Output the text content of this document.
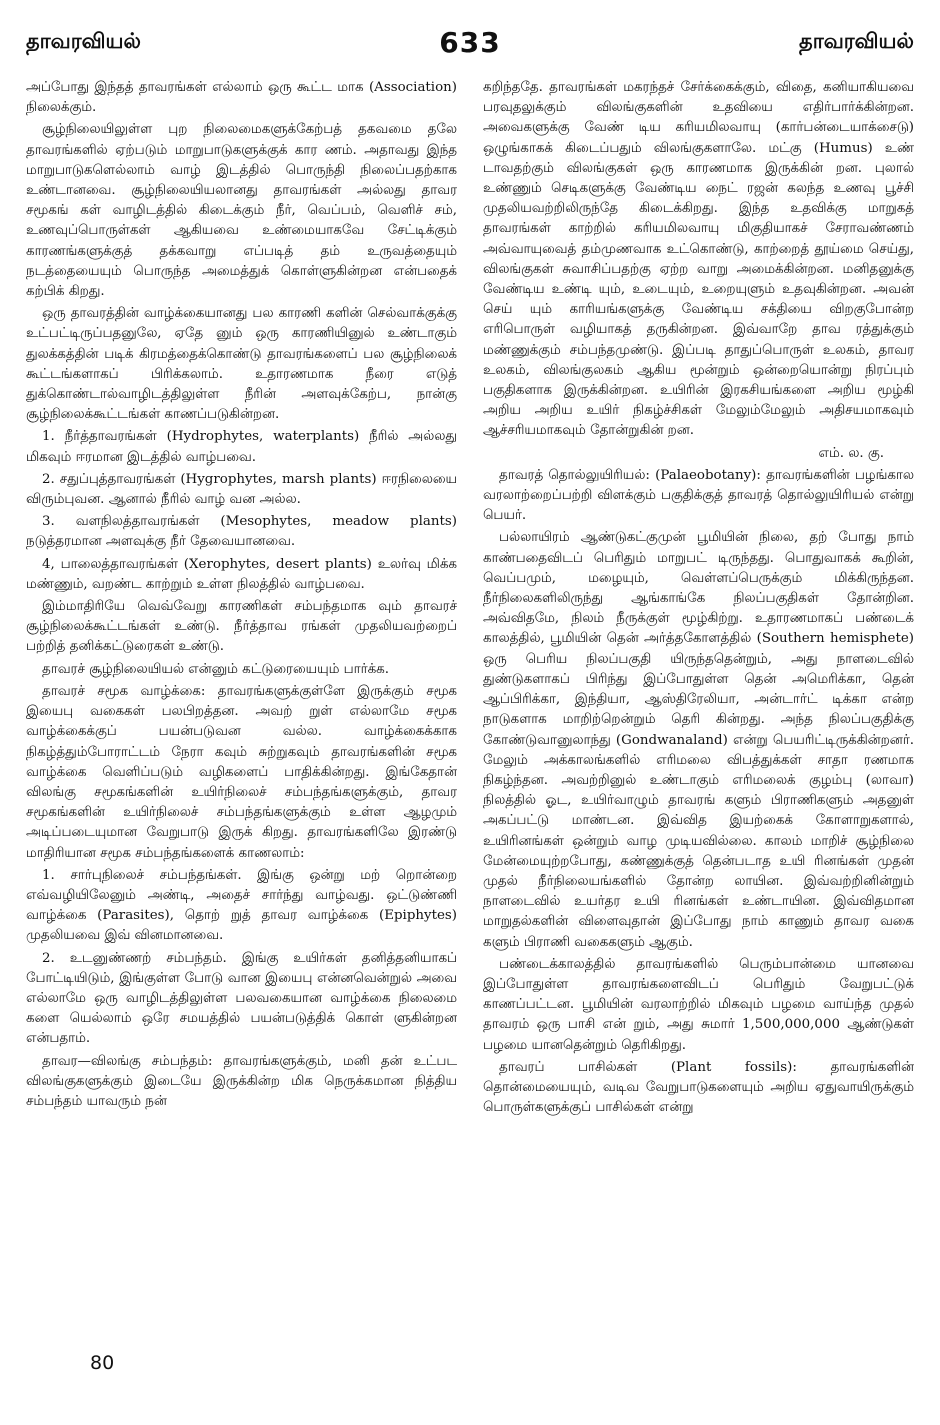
தாவரவியல்	633	தாவரவியல்

அப்போது இந்தத் தாவரங்கள் எல்லாம் ஒரு கூட்ட மாக (Association) நிலைக்கும்.

சூழ்நிலையிலுள்ள புற நிலைமைகளுக்கேற்பத் தகவமை தலே தாவரங்களில் ஏற்படும் மாறுபாடுகளுக்குக் கார ணம். அதாவது இந்த மாறுபாடுகளெல்லாம் வாழ் இடத்தில் பொருந்தி நிலைப்பதற்காக உண்டானவை. சூழ்நிலையியலானது தாவரங்கள் அல்லது தாவர சமூகங் கள் வாழிடத்தில் கிடைக்கும் நீர், வெப்பம், வெளிச் சம், உணவுப்பொருள்கள் ஆகியவை உண்மையாகவே சேட்டிக்கும் காரணங்களுக்குத் தக்கவாறு எப்படித் தம் உருவத்தையும் நடத்தையையும் பொருந்த அமைத்துக் கொள்ளுகின்றன என்பதைக் கற்பிக் கிறது.

ஒரு தாவரத்தின் வாழ்க்கையானது பல காரணி களின் செல்வாக்குக்கு உட்பட்டிருப்பதனுலே, ஏதே னும் ஒரு காரணியினுல் உண்டாகும் துலக்கத்தின் படிக் கிரமத்தைக்கொண்டு தாவரங்களைப் பல சூழ்நிலைக் கூட்டங்களாகப் பிரிக்கலாம். உதாரணமாக நீரை எடுத் துக்கொண்டால்வாழிடத்திலுள்ள நீரின் அளவுக்கேற்ப, நான்கு சூழ்நிலைக்கூட்டங்கள் காணப்படுகின்றன.

1. நீர்த்தாவரங்கள் (Hydrophytes, waterplants) நீரில் அல்லது மிகவும் ஈரமான இடத்தில் வாழ்பவை.

2. சதுப்புத்தாவரங்கள் (Hygrophytes, marsh plants) ஈரநிலையை விரும்புவன. ஆனால் நீரில் வாழ் வன அல்ல.

3. வளநிலத்தாவரங்கள் (Mesophytes, meadow plants) நடுத்தரமான அளவுக்கு நீர் தேவையானவை.

4, பாலைத்தாவரங்கள் (Xerophytes, desert plants) உலர்வு மிக்க மண்ணும், வறண்ட காற்றும் உள்ள நிலத்தில் வாழ்பவை.

இம்மாதிரியே வெவ்வேறு காரணிகள் சம்பந்தமாக வும் தாவரச் சூழ்நிலைக்கூட்டங்கள் உண்டு. நீர்த்தாவ ரங்கள் முதலியவற்றைப் பற்றித் தனிக்கட்டுரைகள் உண்டு.

தாவரச் சூழ்நிலையியல் என்னும் கட்டுரையையும் பார்க்க.

தாவரச் சமூக வாழ்க்கை: தாவரங்களுக்குள்ளே இருக்கும் சமூக இயைபு வகைகள் பலபிறத்தன. அவற் றுள் எல்லாமே சமூக வாழ்க்கைக்குப் பயன்படுவன வல்ல. வாழ்க்கைக்காக நிகழ்த்தும்போராட்டம் நேரா கவும் சுற்றுகவும் தாவரங்களின் சமூக வாழ்க்கை வெளிப்படும் வழிகளைப் பாதிக்கின்றது. இங்கேதான் விலங்கு சமூகங்களின் உயிர்நிலைச் சம்பந்தங்களுக்கும், தாவர சமூகங்களின் உயிர்நிலைச் சம்பந்தங்களுக்கும் உள்ள ஆழமும் அடிப்படையுமான வேறுபாடு இருக் கிறது. தாவரங்களிலே இரண்டு மாதிரியான சமூக சம்பந்தங்களைக் காணலாம்:

1. சார்புநிலைச் சம்பந்தங்கள். இங்கு ஒன்று மற் றொன்றை எவ்வழியிலேனும் அண்டி, அதைச் சார்ந்து வாழ்வது. ஒட்டுண்ணி வாழ்க்கை (Parasites), தொற் றுத் தாவர வாழ்க்கை (Epiphytes) முதலியவை இவ் வினமானவை.

2. உடனுண்ணற் சம்பந்தம். இங்கு உயிர்கள் தனித்தனியாகப் போட்டியிடும், இங்குள்ள போடு வான இயைபு என்னவென்றுல் அவை எல்லாமே ஒரு வாழிடத்திலுள்ள பலவகையான வாழ்க்கை நிலைமை களை யெல்லாம் ஒரே சமயத்தில் பயன்படுத்திக் கொள் ளுகின்றன என்பதாம்.

தாவர—விலங்கு சம்பந்தம்: தாவரங்களுக்கும், மனி தன் உட்பட விலங்குகளுக்கும் இடையே இருக்கின்ற மிக நெருக்கமான நித்திய சம்பந்தம் யாவரும் நன்

கறிந்ததே. தாவரங்கள் மகரந்தச் சேர்க்கைக்கும், விதை, கனியாகியவை பரவுதலுக்கும் விலங்குகளின் உதவியை எதிர்பார்க்கின்றன. அவைகளுக்கு வேண் டிய கரியமிலவாயு (கார்பன்டையாக்சைடு) ஒழுங்காகக் கிடைப்பதும் விலங்குகளாலே. மட்கு (Humus) உண் டாவதற்கும் விலங்குகள் ஒரு காரணமாக இருக்கின் றன. புலால் உண்ணும் செடிகளுக்கு வேண்டிய நைட் ரஜன் கலந்த உணவு பூச்சி முதலியவற்றிலிருந்தே கிடைக்கிறது. இந்த உதவிக்கு மாறுகத் தாவரங்கள் காற்றில் கரியமிலவாயு மிகுதியாகச் சேராவண்ணம் அவ்வாயுவைத் தம்முணவாக உட்கொண்டு, காற்றைத் தூய்மை செய்து, விலங்குகள் சுவாசிப்பதற்கு ஏற்ற வாறு அமைக்கின்றன. மனிதனுக்கு வேண்டிய உண்டி யும், உடையும், உறையுளும் உதவுகின்றன. அவன் செய் யும் காரியங்களுக்கு வேண்டிய சக்தியை விறகுபோன்ற எரிபொருள் வழியாகத் தருகின்றன. இவ்வாறே தாவ ரத்துக்கும் மண்ணுக்கும் சம்பந்தமுண்டு. இப்படி தாதுப்பொருள் உலகம், தாவர உலகம், விலங்குலகம் ஆகிய மூன்றும் ஒன்றையொன்று நிரப்பும் பகுதிகளாக இருக்கின்றன. உயிரின் இரகசியங்களை அறிய மூழ்கி அறிய அறிய உயிர் நிகழ்ச்சிகள் மேலும்மேலும் அதிசயமாகவும் ஆச்சரியமாகவும் தோன்றுகின் றன.

எம். ல. கு.

தாவரத் தொல்லுயிரியல்: (Palaeobotany): தாவரங்களின் பழங்கால வரலாற்றைப்பற்றி விளக்கும் பகுதிக்குத் தாவரத் தொல்லுயிரியல் என்று பெயர்.

பல்லாயிரம் ஆண்டுகட்குமுன் பூமியின் நிலை, தற் போது நாம் காண்பதைவிடப் பெரிதும் மாறுபட் டிருந்தது. பொதுவாகக் கூறின், வெப்பமும், மழையும், வெள்ளப்பெருக்கும் மிக்கிருந்தன. நீர்நிலைகளிலிருந்து ஆங்காங்கே நிலப்பகுதிகள் தோன்றின. அவ்விதமே, நிலம் நீருக்குள் மூழ்கிற்று. உதாரணமாகப் பண்டைக் காலத்தில், பூமியின் தென் அர்த்தகோளத்தில் (Southern hemisphete) ஒரு பெரிய நிலப்பகுதி யிருந்ததென்றும், அது நாளடைவில் துண்டுகளாகப் பிரிந்து இப்போதுள்ள தென் அமெரிக்கா, தென் ஆப்பிரிக்கா, இந்தியா, ஆஸ்திரேலியா, அன்டார்ட் டிக்கா என்ற நாடுகளாக மாறிற்றென்றும் தெரி கின்றது. அந்த நிலப்பகுதிக்கு கோண்டுவானுலாந்து (Gondwanaland) என்று பெயரிட்டிருக்கின்றனர். மேலும் அக்காலங்களில் எரிமலை விபத்துக்கள் சாதா ரணமாக நிகழ்ந்தன. அவற்றினுல் உண்டாகும் எரிமலைக் குழம்பு (லாவா) நிலத்தில் ஓட, உயிர்வாழும் தாவரங் களும் பிராணிகளும் அதனுள் அகப்பட்டு மாண்டன. இவ்வித இயற்கைக் கோளாறுகளால், உயிரினங்கள் ஒன்றும் வாழ முடியவில்லை. காலம் மாறிச் சூழ்நிலை மேன்மையுற்றபோது, கண்ணுக்குத் தென்படாத உயி ரினங்கள் முதன் முதல் நீர்நிலையங்களில் தோன்ற லாயின. இவ்வற்றினின்றும் நாளடைவில் உயர்தர உயி ரினங்கள் உண்டாயின. இவ்விதமான மாறுதல்களின் விளைவுதான் இப்போது நாம் காணும் தாவர வகை களும் பிராணி வகைகளும் ஆகும்.

பண்டைக்காலத்தில் தாவரங்களில் பெரும்பான்மை யானவை இப்போதுள்ள தாவரங்களைவிடப் பெரிதும் வேறுபட்டுக் காணப்பட்டன. பூமியின் வரலாற்றில் மிகவும் பழமை வாய்ந்த முதல் தாவரம் ஒரு பாசி என் றும், அது சுமார் 1,500,000,000 ஆண்டுகள் பழமை யானதென்றும் தெரிகிறது.

தாவரப் பாசில்கள் (Plant fossils): தாவரங்களின் தொன்மையையும், வடிவ வேறுபாடுகளையும் அறிய ஏதுவாயிருக்கும் பொருள்களுக்குப் பாசில்கள் என்று

80
